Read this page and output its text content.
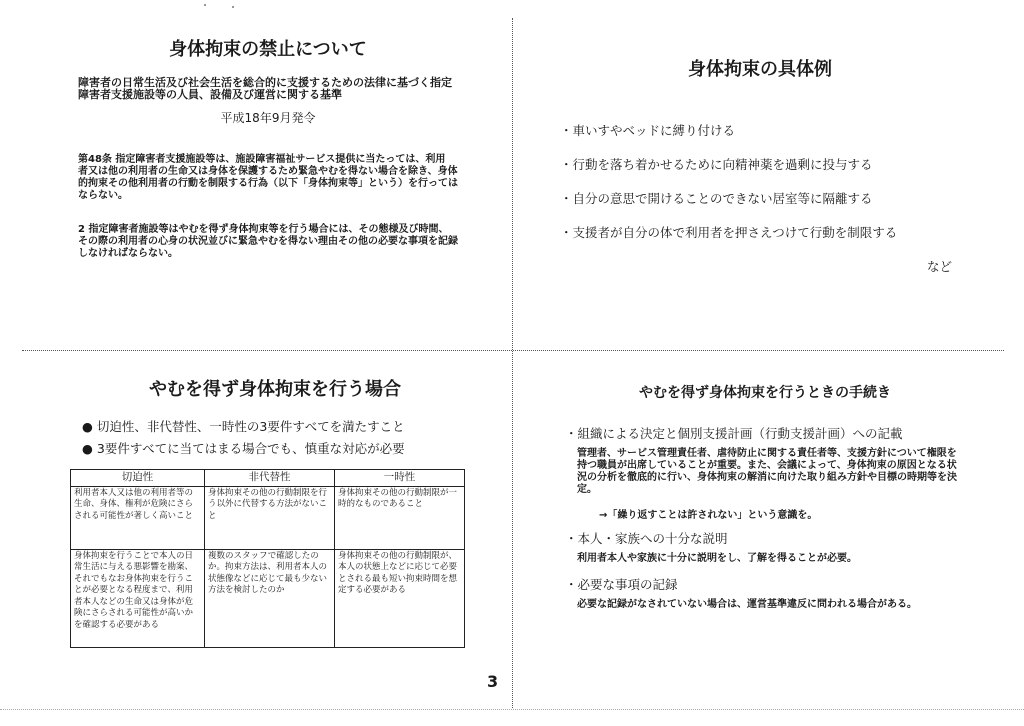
身体拘束の禁止について

障害者の日常生活及び社会生活を総合的に支援するための法律に基づく指定障害者支援施設等の人員、設備及び運営に関する基準

平成18年9月発令

第48条 指定障害者支援施設等は、施設障害福祉サービス提供に当たっては、利用 者又は他の利用者の生命又は身体を保護するため緊急やむを得ない場合を除き、身体的拘束その他利用者の行動を制限する行為（以下「身体拘束等」という）を行ってはならない。

2 指定障害者施設等はやむを得ず身体拘束等を行う場合には、その態様及び時間、その際の利用者の心身の状況並びに緊急やむを得ない理由その他の必要な事項を記録しなければならない。

身体拘束の具体例
・車いすやベッドに縛り付ける
・行動を落ち着かせるために向精神薬を過剰に投与する
・自分の意思で開けることのできない居室等に隔離する
・支援者が自分の体で利用者を押さえつけて行動を制限する
など
やむを得ず身体拘束を行う場合
● 切迫性、非代替性、一時性の3要件すべてを満たすこと
● 3要件すべてに当てはまる場合でも、慎重な対応が必要
切迫性	非代替性	一時性
利用者本人又は他の利用者等の生命、身体、権利が危険にさらされる可能性が著しく高いこと	身体拘束その他の行動制限を行う以外に代替する方法がないこと	身体拘束その他の行動制限が一時的なものであること
身体拘束を行うことで本人の日常生活に与える悪影響を勘案、それでもなお身体拘束を行うことが必要となる程度まで、利用者本人などの生命又は身体が危険にさらされる可能性が高いかを確認する必要がある	複数のスタッフで確認したのか。拘束方法は、利用者本人の状態像などに応じて最も少ない方法を検討したのか	身体拘束その他の行動制限が、本人の状態上などに応じて必要とされる最も短い拘束時間を想定する必要がある
やむを得ず身体拘束を行うときの手続き

・組織による決定と個別支援計画（行動支援計画）への記載

管理者、サービス管理責任者、虐待防止に関する責任者等、支援方針について権限を持つ職員が出席していることが重要。また、会議によって、身体拘束の原因となる状況の分析を徹底的に行い、身体拘束の解消に向けた取り組み方針や目標の時期等を決定。

→「繰り返すことは許されない」という意識を。

・本人・家族への十分な説明

利用者本人や家族に十分に説明をし、了解を得ることが必要。

・必要な事項の記録

必要な記録がなされていない場合は、運営基準違反に問われる場合がある。

3
